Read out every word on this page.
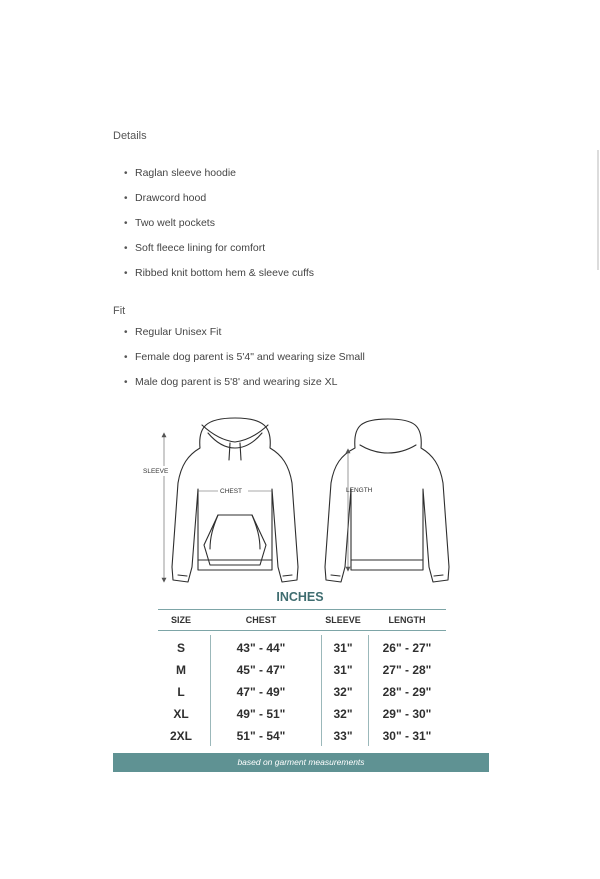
Details
• Raglan sleeve hoodie
• Drawcord hood
• Two welt pockets
• Soft fleece lining for comfort
• Ribbed knit bottom hem & sleeve cuffs
Fit
• Regular Unisex Fit
• Female dog parent is 5'4" and wearing size Small
• Male dog parent is 5'8' and wearing size XL
SLEEVE
CHEST	LENGTH
INCHES
SIZE	CHEST	SLEEVE	LENGTH
S	43" - 44"	31"	26" - 27"
M	45" - 47"	31"	27" - 28"
L	47" - 49"	32"	28" - 29"
XL	49" - 51"	32"	29" - 30"
2XL	51" - 54"	33"	30" - 31"
based on garment measurements
